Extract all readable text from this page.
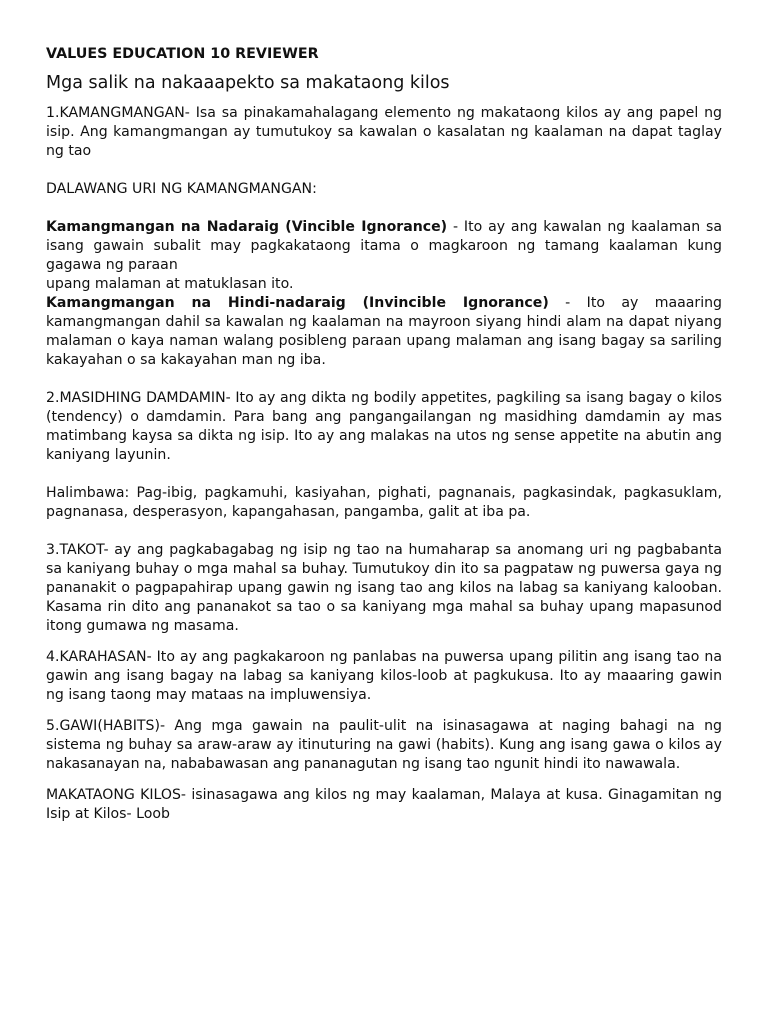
VALUES EDUCATION 10 REVIEWER
Mga salik na nakaaapekto sa makataong kilos

1.KAMANGMANGAN- Isa sa pinakamahalagang elemento ng makataong kilos ay ang papel ng isip. Ang kamangmangan ay tumutukoy sa kawalan o kasalatan ng kaalaman na dapat taglay ng tao

DALAWANG URI NG KAMANGMANGAN:

Kamangmangan na Nadaraig (Vincible Ignorance) - Ito ay ang kawalan ng kaalaman sa isang gawain subalit may pagkakataong itama o magkaroon ng tamang kaalaman kung gagawa ng paraan

upang malaman at matuklasan ito.

Kamangmangan na Hindi-nadaraig (Invincible Ignorance) - Ito ay maaaring kamangmangan dahil sa kawalan ng kaalaman na mayroon siyang hindi alam na dapat niyang malaman o kaya naman walang posibleng paraan upang malaman ang isang bagay sa sariling kakayahan o sa kakayahan man ng iba.

2.MASIDHING DAMDAMIN- Ito ay ang dikta ng bodily appetites, pagkiling sa isang bagay o kilos (tendency) o damdamin. Para bang ang pangangailangan ng masidhing damdamin ay mas matimbang kaysa sa dikta ng isip. Ito ay ang malakas na utos ng sense appetite na abutin ang kaniyang layunin.

Halimbawa: Pag-ibig, pagkamuhi, kasiyahan, pighati, pagnanais, pagkasindak, pagkasuklam, pagnanasa, desperasyon, kapangahasan, pangamba, galit at iba pa.

3.TAKOT- ay ang pagkabagabag ng isip ng tao na humaharap sa anomang uri ng pagbabanta sa kaniyang buhay o mga mahal sa buhay. Tumutukoy din ito sa pagpataw ng puwersa gaya ng pananakit o pagpapahirap upang gawin ng isang tao ang kilos na labag sa kaniyang kalooban. Kasama rin dito ang pananakot sa tao o sa kaniyang mga mahal sa buhay upang mapasunod itong gumawa ng masama.

4.KARAHASAN- Ito ay ang pagkakaroon ng panlabas na puwersa upang pilitin ang isang tao na gawin ang isang bagay na labag sa kaniyang kilos-loob at pagkukusa. Ito ay maaaring gawin ng isang taong may mataas na impluwensiya.

5.GAWI(HABITS)- Ang mga gawain na paulit-ulit na isinasagawa at naging bahagi na ng sistema ng buhay sa araw-araw ay itinuturing na gawi (habits). Kung ang isang gawa o kilos ay nakasanayan na, nababawasan ang pananagutan ng isang tao ngunit hindi ito nawawala.

MAKATAONG KILOS- isinasagawa ang kilos ng may kaalaman, Malaya at kusa. Ginagamitan ng Isip at Kilos- Loob
